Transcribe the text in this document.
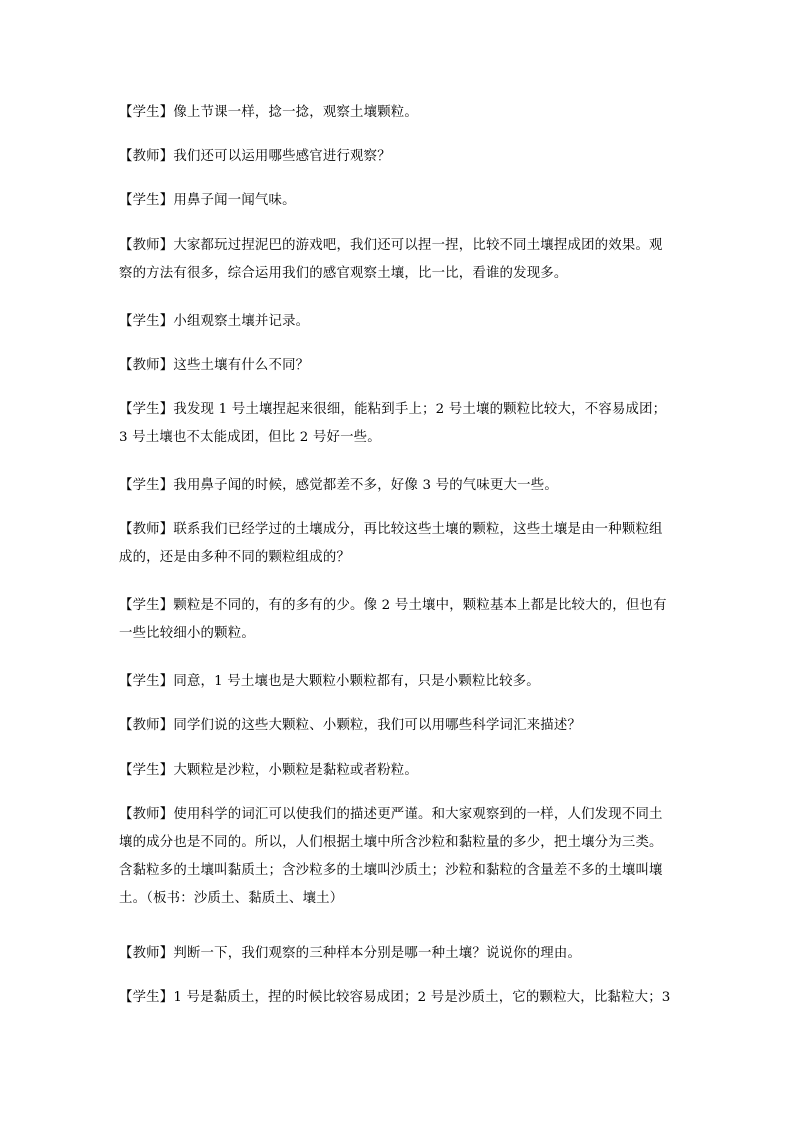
【学生】像上节课一样，捻一捻，观察土壤颗粒。
【教师】我们还可以运用哪些感官进行观察？
【学生】用鼻子闻一闻气味。
【教师】大家都玩过捏泥巴的游戏吧，我们还可以捏一捏，比较不同土壤捏成团的效果。观
察的方法有很多，综合运用我们的感官观察土壤，比一比，看谁的发现多。
【学生】小组观察土壤并记录。
【教师】这些土壤有什么不同？
【学生】我发现 1 号土壤捏起来很细，能粘到手上；2 号土壤的颗粒比较大，不容易成团；
3 号土壤也不太能成团，但比 2 号好一些。
【学生】我用鼻子闻的时候，感觉都差不多，好像 3 号的气味更大一些。
【教师】联系我们已经学过的土壤成分，再比较这些土壤的颗粒，这些土壤是由一种颗粒组
成的，还是由多种不同的颗粒组成的？
【学生】颗粒是不同的，有的多有的少。像 2 号土壤中，颗粒基本上都是比较大的，但也有
一些比较细小的颗粒。
【学生】同意，1 号土壤也是大颗粒小颗粒都有，只是小颗粒比较多。
【教师】同学们说的这些大颗粒、小颗粒，我们可以用哪些科学词汇来描述？
【学生】大颗粒是沙粒，小颗粒是黏粒或者粉粒。
【教师】使用科学的词汇可以使我们的描述更严谨。和大家观察到的一样，人们发现不同土
壤的成分也是不同的。所以，人们根据土壤中所含沙粒和黏粒量的多少，把土壤分为三类。
含黏粒多的土壤叫黏质土；含沙粒多的土壤叫沙质土；沙粒和黏粒的含量差不多的土壤叫壤
土。（板书：沙质土、黏质土、壤土）
【教师】判断一下，我们观察的三种样本分别是哪一种土壤？说说你的理由。
【学生】1 号是黏质土，捏的时候比较容易成团；2 号是沙质土，它的颗粒大，比黏粒大；3
